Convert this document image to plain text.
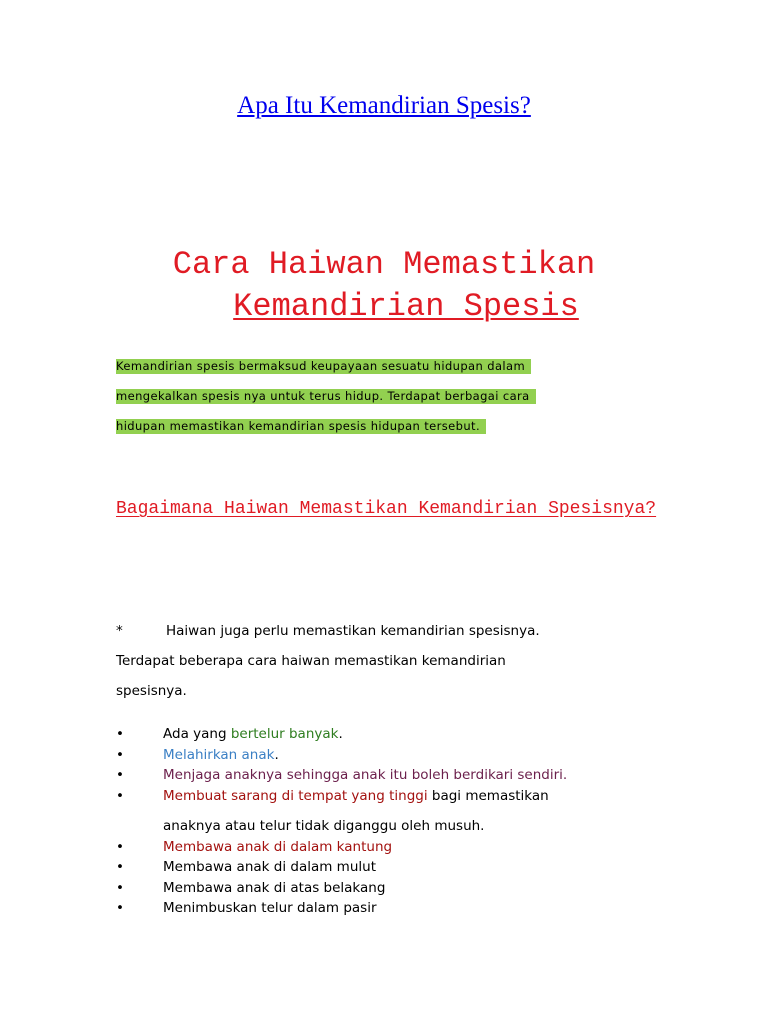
Apa Itu Kemandirian Spesis?
Cara Haiwan Memastikan
Kemandirian Spesis
Kemandirian spesis bermaksud keupayaan sesuatu hidupan dalam
mengekalkan spesis nya untuk terus hidup. Terdapat berbagai cara
hidupan memastikan kemandirian spesis hidupan tersebut.
Bagaimana Haiwan Memastikan Kemandirian Spesisnya?
*	Haiwan juga perlu memastikan kemandirian spesisnya.
Terdapat beberapa cara haiwan memastikan kemandirian
spesisnya.
• Ada yang bertelur banyak.
• Melahirkan anak.
• Menjaga anaknya sehingga anak itu boleh berdikari sendiri.
• Membuat sarang di tempat yang tinggi bagi memastikan
anaknya atau telur tidak diganggu oleh musuh.
• Membawa anak di dalam kantung
• Membawa anak di dalam mulut
• Membawa anak di atas belakang
• Menimbuskan telur dalam pasir
